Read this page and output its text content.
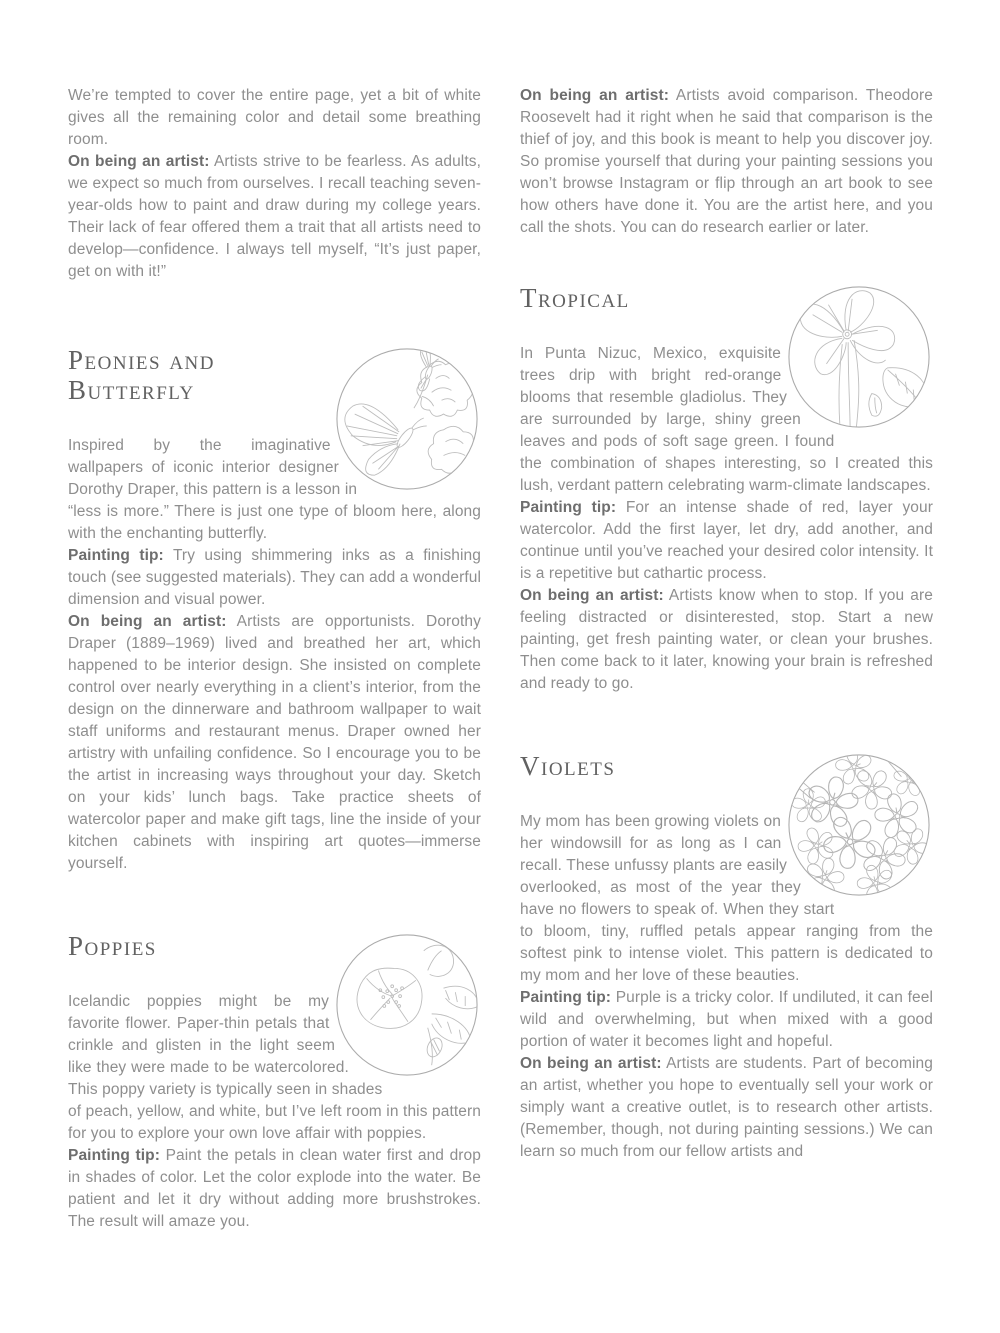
We’re tempted to cover the entire page, yet a bit of white gives all the remaining color and detail some breathing room.

On being an artist: Artists strive to be fearless. As adults, we expect so much from ourselves. I recall teaching seven-year-olds how to paint and draw during my college years. Their lack of fear offered them a trait that all artists need to develop—confidence. I always tell myself, “It’s just paper, get on with it!”

Peonies and Butterfly

Inspired by the imaginative wallpapers of iconic interior designer Dorothy Draper, this pattern is a lesson in “less is more.” There is just one type of bloom here, along with the enchanting butterfly.

Painting tip: Try using shimmering inks as a finishing touch (see suggested materials). They can add a wonderful dimension and visual power.

On being an artist: Artists are opportunists. Dorothy Draper (1889–1969) lived and breathed her art, which happened to be interior design. She insisted on complete control over nearly everything in a client’s interior, from the design on the dinnerware and bathroom wallpaper to wait staff uniforms and restaurant menus. Draper owned her artistry with unfailing confidence. So I encourage you to be the artist in increasing ways throughout your day. Sketch on your kids’ lunch bags. Take practice sheets of watercolor paper and make gift tags, line the inside of your kitchen cabinets with inspiring art quotes—immerse yourself.

Poppies

Icelandic poppies might be my favorite flower. Paper-thin petals that crinkle and glisten in the light seem like they were made to be watercolored. This poppy variety is typically seen in shades of peach, yellow, and white, but I’ve left room in this pattern for you to explore your own love affair with poppies.

Painting tip: Paint the petals in clean water first and drop in shades of color. Let the color explode into the water. Be patient and let it dry without adding more brushstrokes. The result will amaze you.

On being an artist: Artists avoid comparison. Theodore Roosevelt had it right when he said that comparison is the thief of joy, and this book is meant to help you discover joy. So promise yourself that during your painting sessions you won’t browse Instagram or flip through an art book to see how others have done it. You are the artist here, and you call the shots. You can do research earlier or later.

Tropical

In Punta Nizuc, Mexico, exquisite trees drip with bright red-orange blooms that resemble gladiolus. They are surrounded by large, shiny green leaves and pods of soft sage green. I found the combination of shapes interesting, so I created this lush, verdant pattern celebrating warm-climate landscapes.

Painting tip: For an intense shade of red, layer your watercolor. Add the first layer, let dry, add another, and continue until you’ve reached your desired color intensity. It is a repetitive but cathartic process.

On being an artist: Artists know when to stop. If you are feeling distracted or disinterested, stop. Start a new painting, get fresh painting water, or clean your brushes. Then come back to it later, knowing your brain is refreshed and ready to go.

Violets

My mom has been growing violets on her windowsill for as long as I can recall. These unfussy plants are easily overlooked, as most of the year they have no flowers to speak of. When they start to bloom, tiny, ruffled petals appear ranging from the softest pink to intense violet. This pattern is dedicated to my mom and her love of these beauties.

Painting tip: Purple is a tricky color. If undiluted, it can feel wild and overwhelming, but when mixed with a good portion of water it becomes light and hopeful.

On being an artist: Artists are students. Part of becoming an artist, whether you hope to eventually sell your work or simply want a creative outlet, is to research other artists. (Remember, though, not during painting sessions.) We can learn so much from our fellow artists and
